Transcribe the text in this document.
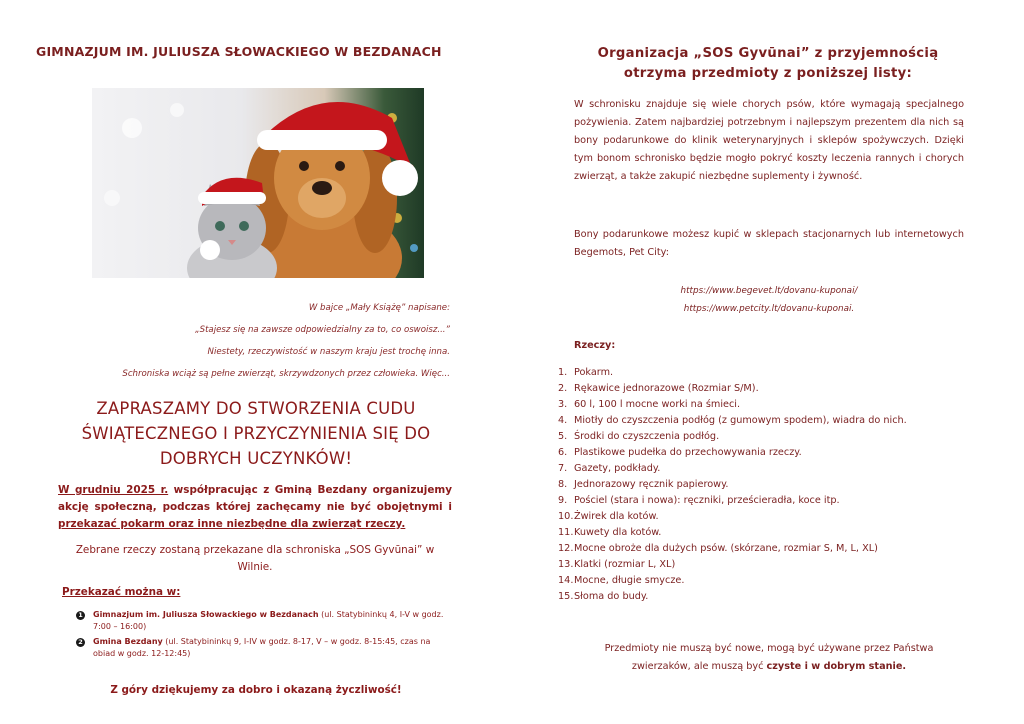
GIMNAZJUM IM. JULIUSZA SŁOWACKIEGO W BEZDANACH
W bajce „Mały Książę” napisane:
„Stajesz się na zawsze odpowiedzialny za to, co oswoisz...”
Niestety, rzeczywistość w naszym kraju jest trochę inna.
Schroniska wciąż są pełne zwierząt, skrzywdzonych przez człowieka. Więc...
ZAPRASZAMY DO STWORZENIA CUDU ŚWIĄTECZNEGO I PRZYCZYNIENIA SIĘ DO DOBRYCH UCZYNKÓW!
W grudniu 2025 r. współpracując z Gminą Bezdany organizujemy akcję społeczną, podczas której zachęcamy nie być obojętnymi i przekazać pokarm oraz inne niezbędne dla zwierząt rzeczy.
Zebrane rzeczy zostaną przekazane dla schroniska „SOS Gyvūnai” w Wilnie.
Przekazać można w:
1	Gimnazjum im. Juliusza Słowackiego w Bezdanach (ul. Statybininkų 4, I-V w godz. 7:00 – 16:00)
2	Gmina Bezdany (ul. Statybininkų 9, I-IV w godz. 8-17, V – w godz. 8-15:45, czas na obiad w godz. 12-12:45)
Z góry dziękujemy za dobro i okazaną życzliwość!
Organizacja „SOS Gyvūnai” z przyjemnością
otrzyma przedmioty z poniższej listy:
W schronisku znajduje się wiele chorych psów, które wymagają specjalnego pożywienia. Zatem najbardziej potrzebnym i najlepszym prezentem dla nich są bony podarunkowe do klinik weterynaryjnych i sklepów spożywczych. Dzięki tym bonom schronisko będzie mogło pokryć koszty leczenia rannych i chorych zwierząt, a także zakupić niezbędne suplementy i żywność.
Bony podarunkowe możesz kupić w sklepach stacjonarnych lub internetowych Begemots, Pet City:
https://www.begevet.lt/dovanu-kuponai/
https://www.petcity.lt/dovanu-kuponai.
Rzeczy:
1. Pokarm.
2. Rękawice jednorazowe (Rozmiar S/M).
3. 60 l, 100 l mocne worki na śmieci.
4. Miotły do czyszczenia podłóg (z gumowym spodem), wiadra do nich.
5. Środki do czyszczenia podłóg.
6. Plastikowe pudełka do przechowywania rzeczy.
7. Gazety, podkłady.
8. Jednorazowy ręcznik papierowy.
9. Pościel (stara i nowa): ręczniki, prześcieradła, koce itp.
10. Żwirek dla kotów.
11. Kuwety dla kotów.
12. Mocne obroże dla dużych psów. (skórzane, rozmiar S, M, L, XL)
13. Klatki (rozmiar L, XL)
14. Mocne, długie smycze.
15. Słoma do budy.
Przedmioty nie muszą być nowe, mogą być używane przez Państwa zwierzaków, ale muszą być czyste i w dobrym stanie.
